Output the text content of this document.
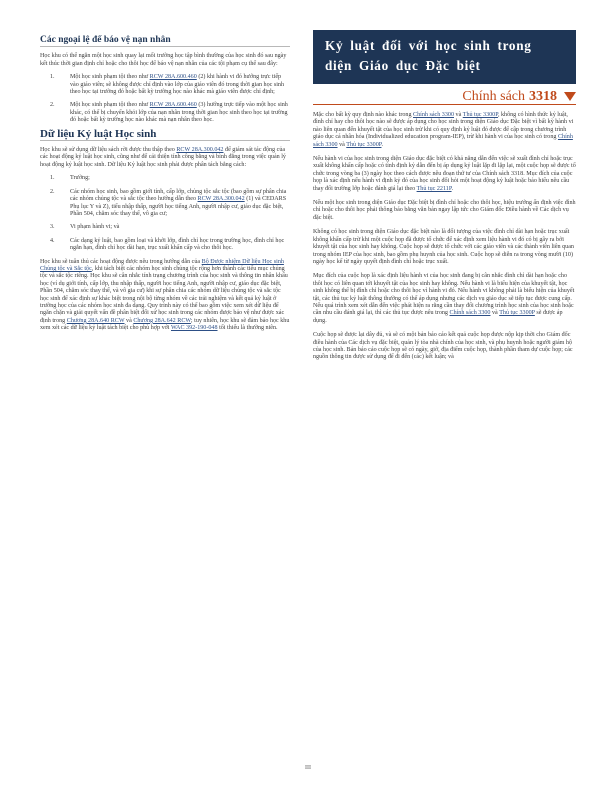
Các ngoại lệ để báo vệ nạn nhân

Học khu có thể ngăn một học sinh quay lại mối trường học tập bình thường của học sinh đó sau ngày kết thúc thời gian định chỉ hoặc cho thôi học để báo vệ nạn nhân của các tội phạm cụ thể sau đây:

1.	Một học sinh phạm tội theo như RCW 28A.600.460 (2) khi hành vi đó hướng trực tiếp vào giáo viên; sẽ không được chỉ định vào lớp của giáo viên đó trong thời gian học sinh theo học tại trường đó hoặc bất kỳ trường học nào khác mà giáo viên được chỉ định;
2.	Một học sinh phạm tội theo như RCW 28A.600.460 (3) hướng trực tiếp vào một học sinh khác, có thể bị chuyển khỏi lớp của nạn nhân trong thời gian học sinh theo học tại trường đó hoặc bất kỳ trường học nào khác mà nạn nhân theo học.
Dữ liệu Kỷ luật Học sinh

Học khu sẽ sử dụng dữ liệu sách rời được thu thập theo RCW 28A.300.042 để giám sát tác động của các hoạt động kỷ luật học sinh, cũng như để cải thiện tính công bằng và bình đẳng trong việc quản lý hoạt động kỷ luật học sinh. Dữ liệu Kỷ luật học sinh phải được phân tách bằng cách:

1.	Trường;
2.	Các nhóm học sinh, bao gồm giới tính, cấp lớp, chủng tộc sắc tộc (bao gồm sự phân chia các nhóm chủng tộc và sắc tộc theo hướng dẫn theo RCW 28A.300.042 (1) và CEDARS Phụ lục Y và Z), tiếu nhập thấp, người học tiếng Anh, người nhập cư, giáo dục đặc biệt, Phần 504, chăm sóc thay thế, vô gia cư;
3.	Vi phạm hành vi; và
4.	Các dạng kỷ luật, bao gồm loại và khởi lớp, đình chỉ học trong trường học, đình chỉ học ngắn hạn, đình chỉ học dài hạn, trục xuất khẩn cấp và cho thôi học.

Học khu sẽ tuân thủ các hoạt động được nêu trong hướng dẫn của Bộ Được nhiệm Dữ liệu Học sinh Chủng tộc và Sắc tộc, khi tách biệt các nhóm học sinh chủng tộc rộng hơn thành các tiểu mục chủng tộc và sắc tộc riêng. Học khu sẽ cân nhắc tính trạng chương trình của học sinh và thông tin nhân khẩu học (ví dụ giới tính, cấp lớp, thu nhập thấp, người học tiếng Anh, người nhập cư, giáo dục đặc biệt, Phần 504, chăm sóc thay thế, và vô gia cư) khi sự phân chia các nhóm dữ liệu chủng tộc và sắc tộc học sinh để xác định sự khác biệt trong nội bộ từng nhóm về các trải nghiệm và kết quả kỷ luật ở trường học của các nhóm học sinh đa dạng. Quy trình này có thể bao gồm việc xem xét dữ liệu để ngăn chặn và giải quyết vấn đề phân biệt đối xử học sinh trong các nhóm được bảo vệ như được xác định trong Chương 28A.640 RCW và Chương 28A.642 RCW; tuy nhiên, học khu sẽ đảm bảo học khu xem xét các dữ liệu kỷ luật tách biệt cho phù hợp với WAC 392-190-048 tối thiểu là thường niên.

Kỷ luật đối với học sinh trong diện Giáo dục Đặc biệt
Chính sách 3318

Mặc cho bất kỳ quy định nào khác trong Chính sách 3300 và Thủ tục 3300P, không có hình thức kỷ luật, đình chỉ hay cho thôi học nào sẽ được áp dụng cho học sinh trong diện Giáo dục Đặc biệt vì bất kỳ hành vi nào liên quan đến khuyết tật của học sinh trừ khi có quy định kỷ luật đó được để cập trong chương trình giáo dục cá nhân hóa (Individualized education program-IEP), trừ khi hành vi của học sinh có trong Chính sách 3300 và Thủ tục 3300P.

Nếu hành vi của học sinh trong diện Giáo dục đặc biệt có khả năng dẫn đến việc sẽ xuất đình chỉ hoặc trục xuất không khẩn cấp hoặc có tình định kỷ dẫn đến bị áp dụng kỷ luật lặp đi lặp lại, một cuộc họp sẽ được tổ chức trong vòng ba (3) ngày học theo cách được nêu đoạn thứ tư của Chính sách 3318. Mục đích của cuộc họp là xác định nếu hành vi định kỷ đó của học sinh đối hỏi một hoạt động kỷ luật hoặc bảo hiểu nêu cầu thay đổi trường lớp hoặc đánh giá lại theo Thủ tục 2211P.

Nếu một học sinh trong diện Giáo dục Đặc biệt bị đình chỉ hoặc cho thôi học, hiệu trưởng ấn định việc đình chỉ hoặc cho thôi học phải thông báo bằng văn bản ngay lập tức cho Giám đốc Điều hành về Các dịch vụ đặc biệt.

Không có học sinh trong diện Giáo dục đặc biệt nào là đối tượng của việc đình chỉ dài hạn hoặc trục xuất không khẩn cấp trừ khi một cuộc họp đã được tổ chức để xác định xem liệu hành vi đó có bị gây ra bởi khuyết tật của học sinh hay không. Cuộc họp sẽ được tổ chức với các giáo viên và các thành viên liên quan trong nhóm IEP của học sinh, bao gồm phụ huynh của học sinh. Cuộc họp sẽ diễn ra trong vòng mười (10) ngày học kể từ ngày quyết định đình chỉ hoặc trục xuất.

Mục đích của cuộc họp là xác định liệu hành vi của học sinh đang bị cân nhắc đình chỉ dài hạn hoặc cho thôi học có liên quan tới khuyết tật của học sinh hay không. Nếu hành vi là biểu hiện của khuyết tật, học sinh không thể bị đình chỉ hoặc cho thôi học vì hành vi đó. Nếu hành vi không phải là biểu hiện của khuyết tật, các thủ tục kỷ luật thông thường có thể áp dụng nhưng các dịch vụ giáo dục sẽ tiếp tục được cung cấp. Nếu quá trình xem xét dẫn đến việc phát hiện ra rằng cần thay đổi chương trình học sinh của học sinh hoặc cần nhu cầu đánh giá lại, thì các thủ tục được nêu trong Chính sách 3300 và Thủ tục 3300P sẽ được áp dụng.

Cuộc họp sẽ được lại dây đủ, và sẽ có một bản báo cáo kết quả cuộc họp được nộp kịp thời cho Giám đốc điều hành của Các dịch vụ đặc biệt, quản lý tòa nhà chính của học sinh, và phụ huynh hoặc người giám hộ của học sinh. Bản báo cáo cuộc họp sẽ có ngày, giờ, địa điểm cuộc họp, thành phần tham dự cuộc họp; các nguồn thông tin được sử dụng để đi đến (các) kết luận; và

III
